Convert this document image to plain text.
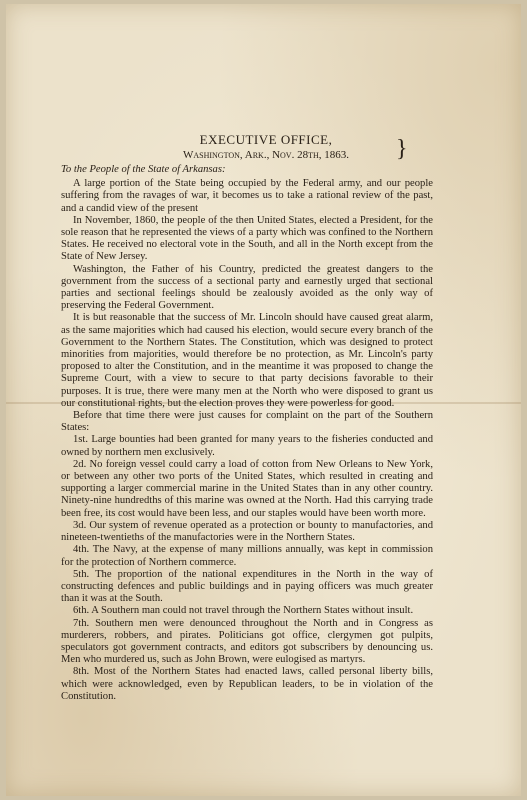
EXECUTIVE OFFICE,
Washington, Ark., Nov. 28th, 1863.	}

To the People of the State of Arkansas:

A large portion of the State being occupied by the Federal army, and our people suffering from the ravages of war, it becomes us to take a rational review of the past, and a candid view of the present

In November, 1860, the people of the then United States, elected a President, for the sole reason that he represented the views of a party which was confined to the Northern States. He received no electoral vote in the South, and all in the North except from the State of New Jersey.

Washington, the Father of his Country, predicted the greatest dangers to the government from the success of a sectional party and earnestly urged that sectional parties and sectional feelings should be zealously avoided as the only way of preserving the Federal Government.

It is but reasonable that the success of Mr. Lincoln should have caused great alarm, as the same majorities which had caused his election, would secure every branch of the Government to the Northern States. The Constitution, which was designed to protect minorities from majorities, would therefore be no protection, as Mr. Lincoln's party proposed to alter the Constitution, and in the meantime it was proposed to change the Supreme Court, with a view to secure to that party decisions favorable to their purposes. It is true, there were many men at the North who were disposed to grant us our constitutional rights, but the election proves they were powerless for good.

Before that time there were just causes for complaint on the part of the Southern States:

1st. Large bounties had been granted for many years to the fisheries conducted and owned by northern men exclusively.

2d. No foreign vessel could carry a load of cotton from New Orleans to New York, or between any other two ports of the United States, which resulted in creating and supporting a larger commercial marine in the United States than in any other country. Ninety-nine hundredths of this marine was owned at the North. Had this carrying trade been free, its cost would have been less, and our staples would have been worth more.

3d. Our system of revenue operated as a protection or bounty to manufactories, and nineteen-twentieths of the manufactories were in the Northern States.

4th. The Navy, at the expense of many millions annually, was kept in commission for the protection of Northern commerce.

5th. The proportion of the national expenditures in the North in the way of constructing defences and public buildings and in paying officers was much greater than it was at the South.

6th. A Southern man could not travel through the Northern States without insult.

7th. Southern men were denounced throughout the North and in Congress as murderers, robbers, and pirates. Politicians got office, clergymen got pulpits, speculators got government contracts, and editors got subscribers by denouncing us. Men who murdered us, such as John Brown, were eulogised as martyrs.

8th. Most of the Northern States had enacted laws, called personal liberty bills, which were acknowledged, even by Republican leaders, to be in violation of the Constitution.
